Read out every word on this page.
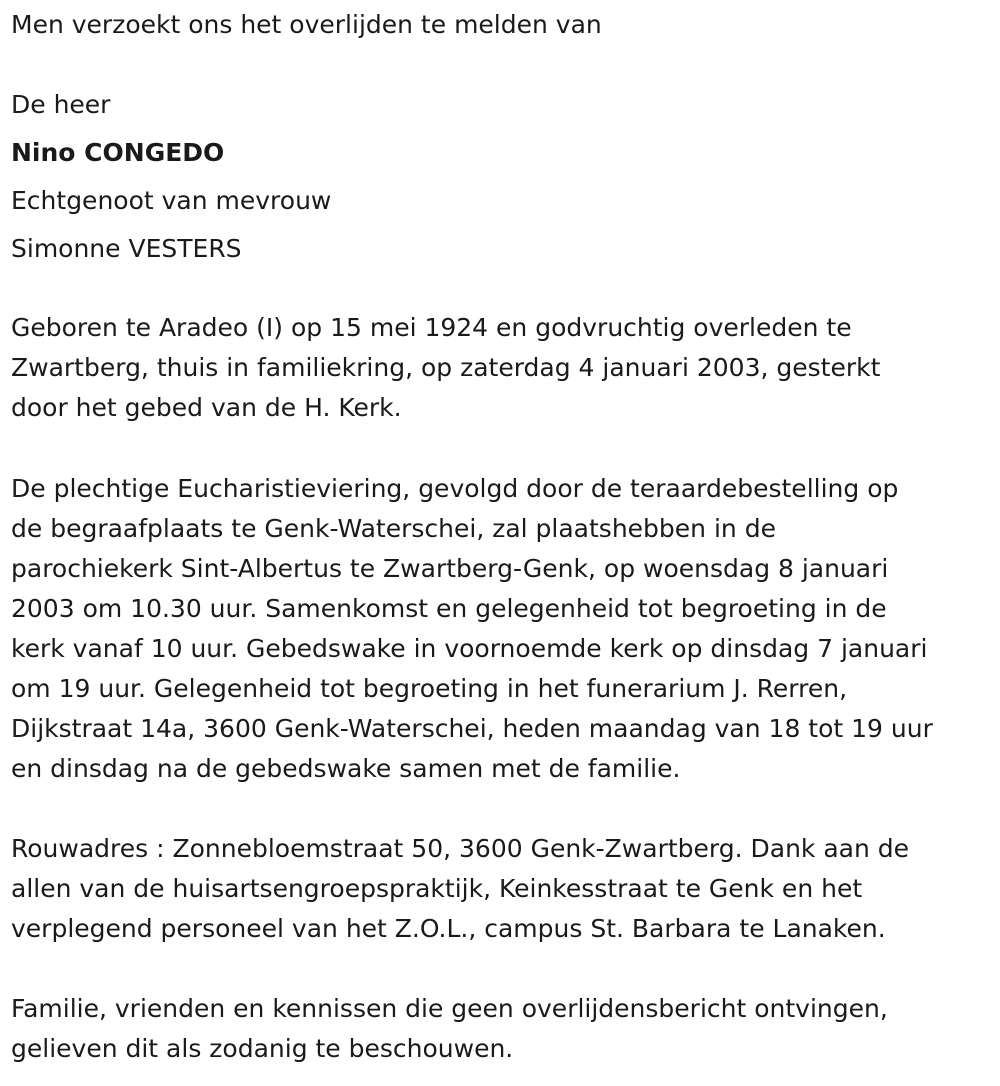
Men verzoekt ons het overlijden te melden van
De heer
Nino CONGEDO
Echtgenoot van mevrouw
Simonne VESTERS
Geboren te Aradeo (I) op 15 mei 1924 en godvruchtig overleden te
Zwartberg, thuis in familiekring, op zaterdag 4 januari 2003, gesterkt
door het gebed van de H. Kerk.
De plechtige Eucharistieviering, gevolgd door de teraardebestelling op
de begraafplaats te Genk-Waterschei, zal plaatshebben in de
parochiekerk Sint-Albertus te Zwartberg-Genk, op woensdag 8 januari
2003 om 10.30 uur. Samenkomst en gelegenheid tot begroeting in de
kerk vanaf 10 uur. Gebedswake in voornoemde kerk op dinsdag 7 januari
om 19 uur. Gelegenheid tot begroeting in het funerarium J. Rerren,
Dijkstraat 14a, 3600 Genk-Waterschei, heden maandag van 18 tot 19 uur
en dinsdag na de gebedswake samen met de familie.
Rouwadres : Zonnebloemstraat 50, 3600 Genk-Zwartberg. Dank aan de
allen van de huisartsengroepspraktijk, Keinkesstraat te Genk en het
verplegend personeel van het Z.O.L., campus St. Barbara te Lanaken.
Familie, vrienden en kennissen die geen overlijdensbericht ontvingen,
gelieven dit als zodanig te beschouwen.
